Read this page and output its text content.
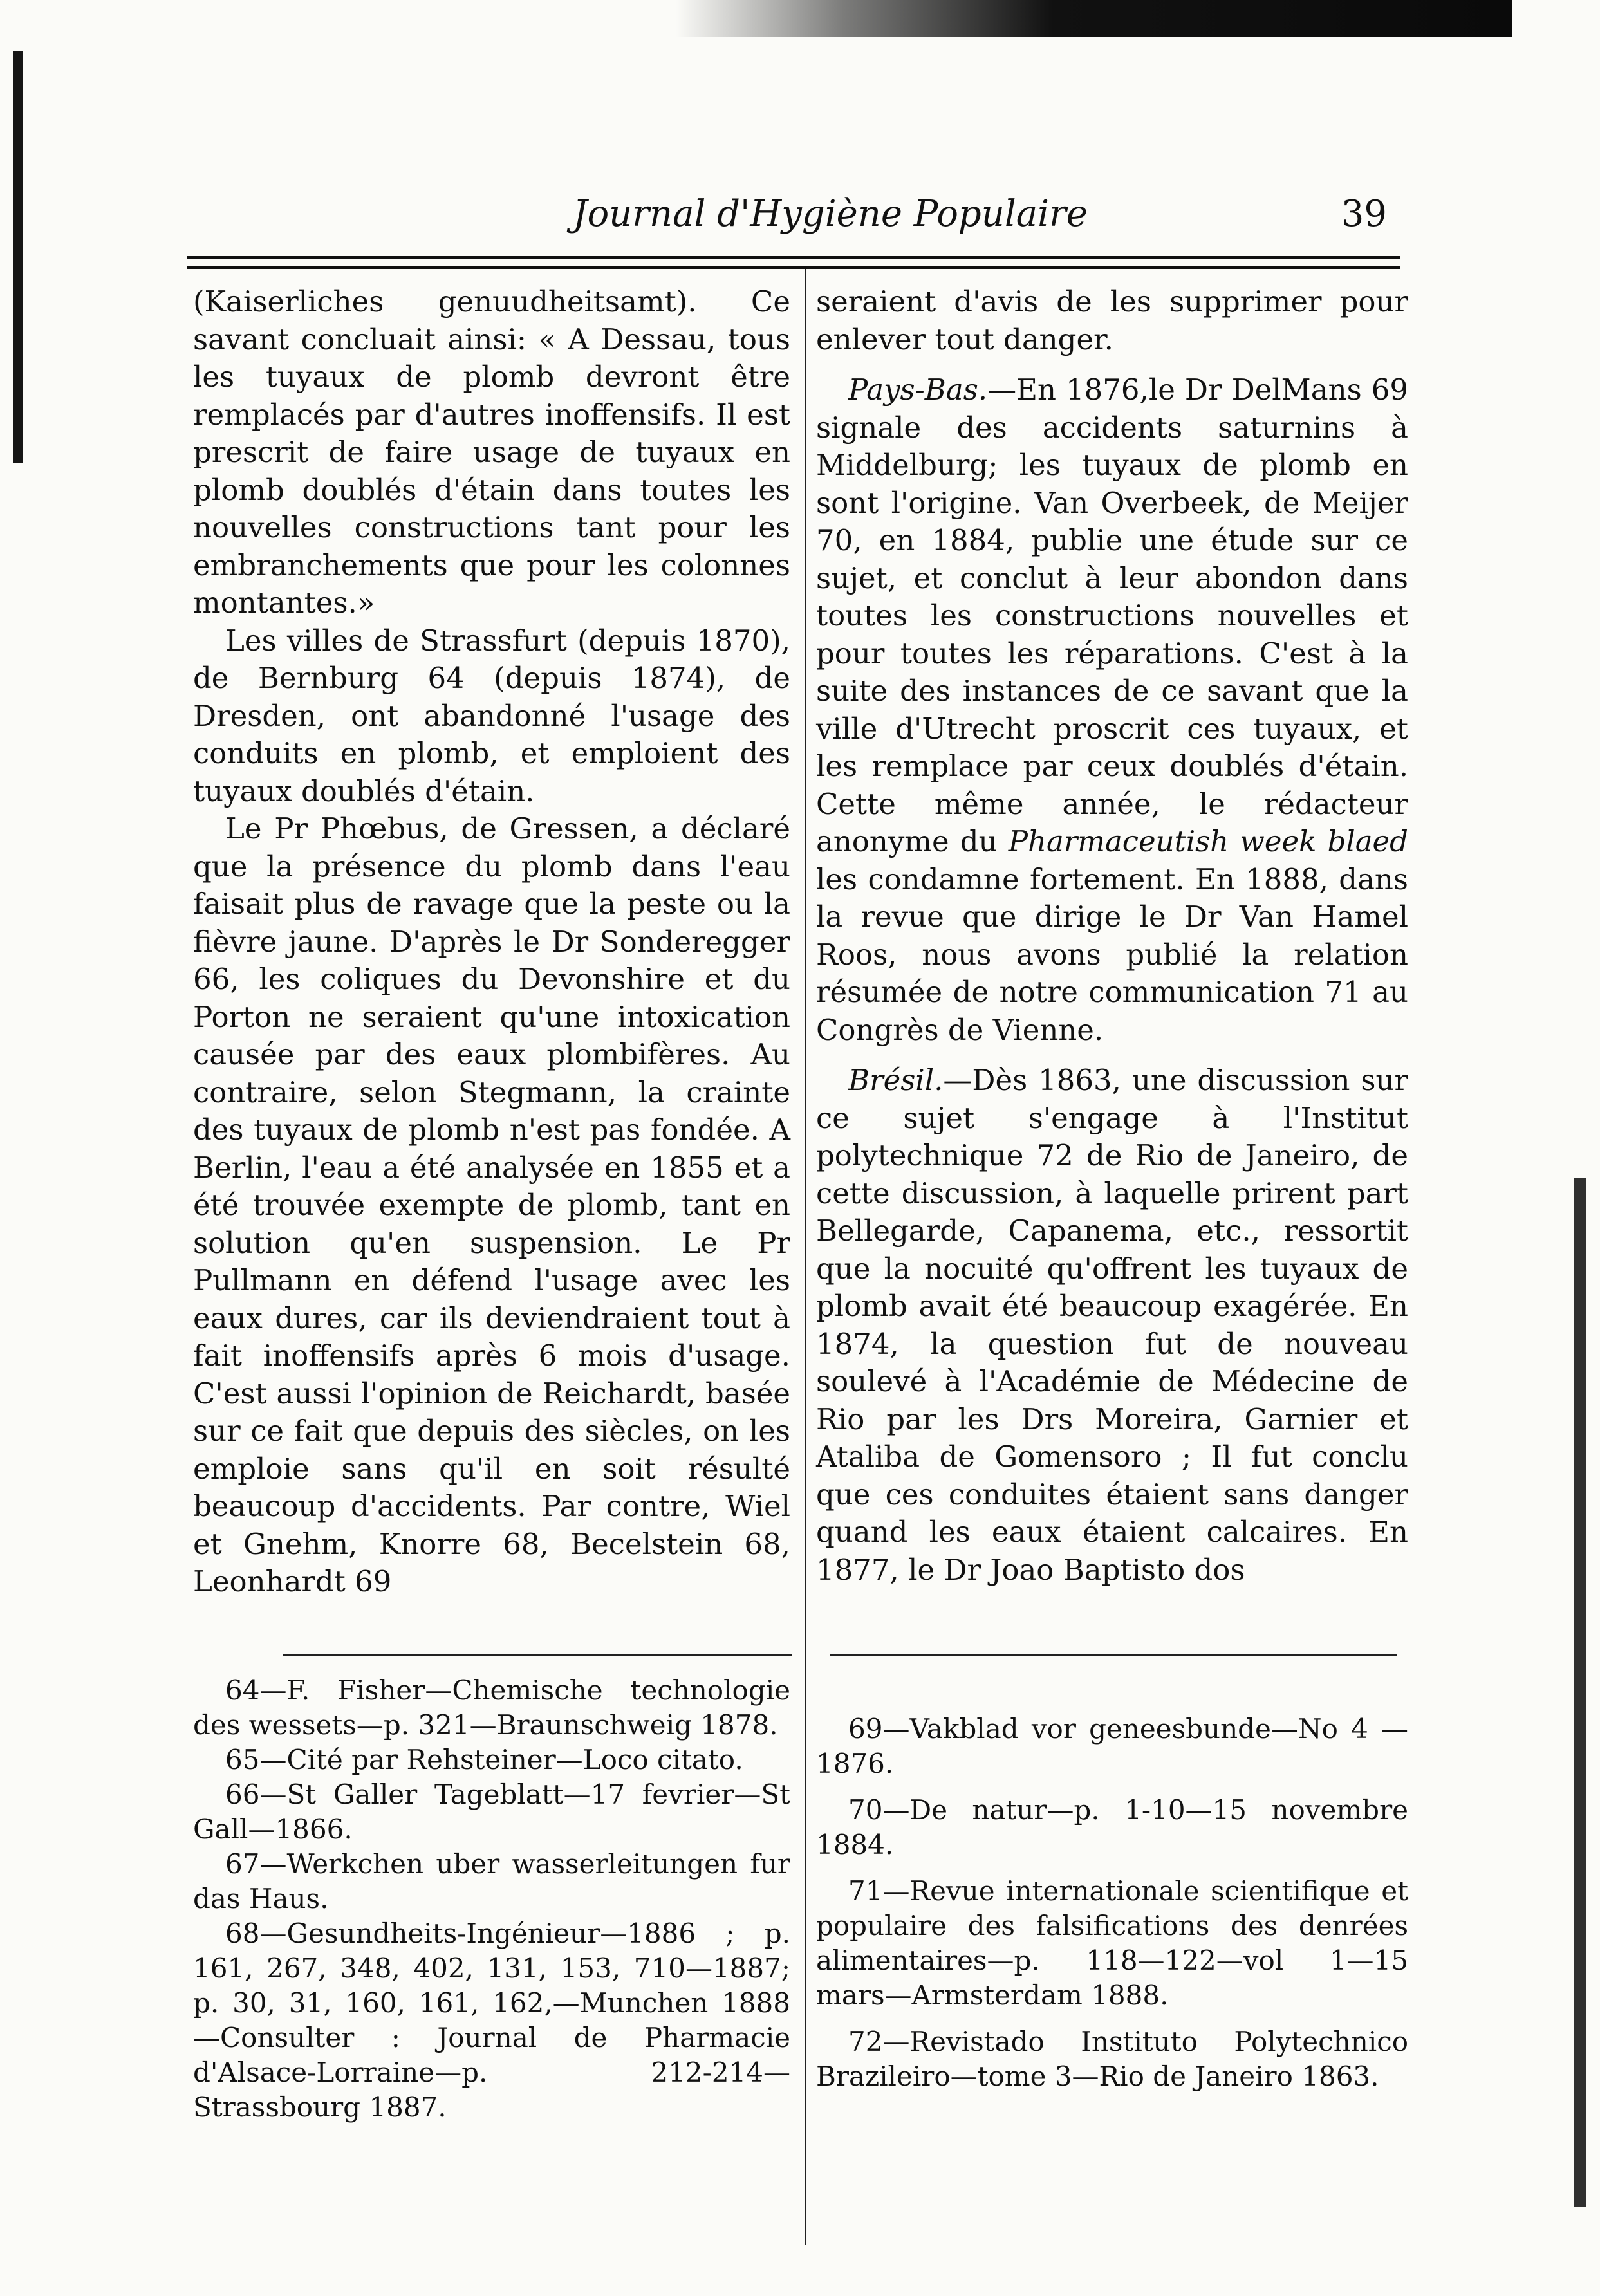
Journal d'Hygiène Populaire	39

(Kaiserliches genuudheitsamt). Ce savant concluait ainsi: « A Dessau, tous les tuyaux de plomb devront être remplacés par d'autres inoffensifs. Il est prescrit de faire usage de tuyaux en plomb doublés d'étain dans toutes les nouvelles constructions tant pour les embranchements que pour les colonnes montantes.»

Les villes de Strassfurt (depuis 1870), de Bernburg 64 (depuis 1874), de Dresden, ont abandonné l'usage des conduits en plomb, et emploient des tuyaux doublés d'étain.

Le Pr Phœbus, de Gressen, a déclaré que la présence du plomb dans l'eau faisait plus de ravage que la peste ou la fièvre jaune. D'après le Dr Sonderegger 66, les coliques du Devonshire et du Porton ne seraient qu'une intoxication causée par des eaux plombifères. Au contraire, selon Stegmann, la crainte des tuyaux de plomb n'est pas fondée. A Berlin, l'eau a été analysée en 1855 et a été trouvée exempte de plomb, tant en solution qu'en suspension. Le Pr Pullmann en défend l'usage avec les eaux dures, car ils deviendraient tout à fait inoffensifs après 6 mois d'usage. C'est aussi l'opinion de Reichardt, basée sur ce fait que depuis des siècles, on les emploie sans qu'il en soit résulté beaucoup d'accidents. Par contre, Wiel et Gnehm, Knorre 68, Becelstein 68, Leonhardt 69

seraient d'avis de les supprimer pour enlever tout danger.

Pays-Bas.—En 1876,le Dr DelMans 69 signale des accidents saturnins à Middelburg; les tuyaux de plomb en sont l'origine. Van Overbeek, de Meijer 70, en 1884, publie une étude sur ce sujet, et conclut à leur abondon dans toutes les constructions nouvelles et pour toutes les réparations. C'est à la suite des instances de ce savant que la ville d'Utrecht proscrit ces tuyaux, et les remplace par ceux doublés d'étain. Cette même année, le rédacteur anonyme du Pharmaceutish week blaed les condamne fortement. En 1888, dans la revue que dirige le Dr Van Hamel Roos, nous avons publié la relation résumée de notre communication 71 au Congrès de Vienne.

Brésil.—Dès 1863, une discussion sur ce sujet s'engage à l'Institut polytechnique 72 de Rio de Janeiro, de cette discussion, à laquelle prirent part Bellegarde, Capanema, etc., ressortit que la nocuité qu'offrent les tuyaux de plomb avait été beaucoup exagérée. En 1874, la question fut de nouveau soulevé à l'Académie de Médecine de Rio par les Drs Moreira, Garnier et Ataliba de Gomensoro ; Il fut conclu que ces conduites étaient sans danger quand les eaux étaient calcaires. En 1877, le Dr Joao Baptisto dos

64—F. Fisher—Chemische technologie des wessets—p. 321—Braunschweig 1878.

65—Cité par Rehsteiner—Loco citato.

66—St Galler Tageblatt—17 fevrier—St Gall—1866.

67—Werkchen uber wasserleitungen fur das Haus.

68—Gesundheits-Ingénieur—1886 ; p. 161, 267, 348, 402, 131, 153, 710—1887; p. 30, 31, 160, 161, 162,—Munchen 1888 —Consulter : Journal de Pharmacie d'Alsace-Lorraine—p. 212-214— Strassbourg 1887.

69—Vakblad vor geneesbunde—No 4 —1876.

70—De natur—p. 1-10—15 novembre 1884.

71—Revue internationale scientifique et populaire des falsifications des denrées alimentaires—p. 118—122—vol 1—15 mars—Armsterdam 1888.

72—Revistado Instituto Polytechnico Brazileiro—tome 3—Rio de Janeiro 1863.
